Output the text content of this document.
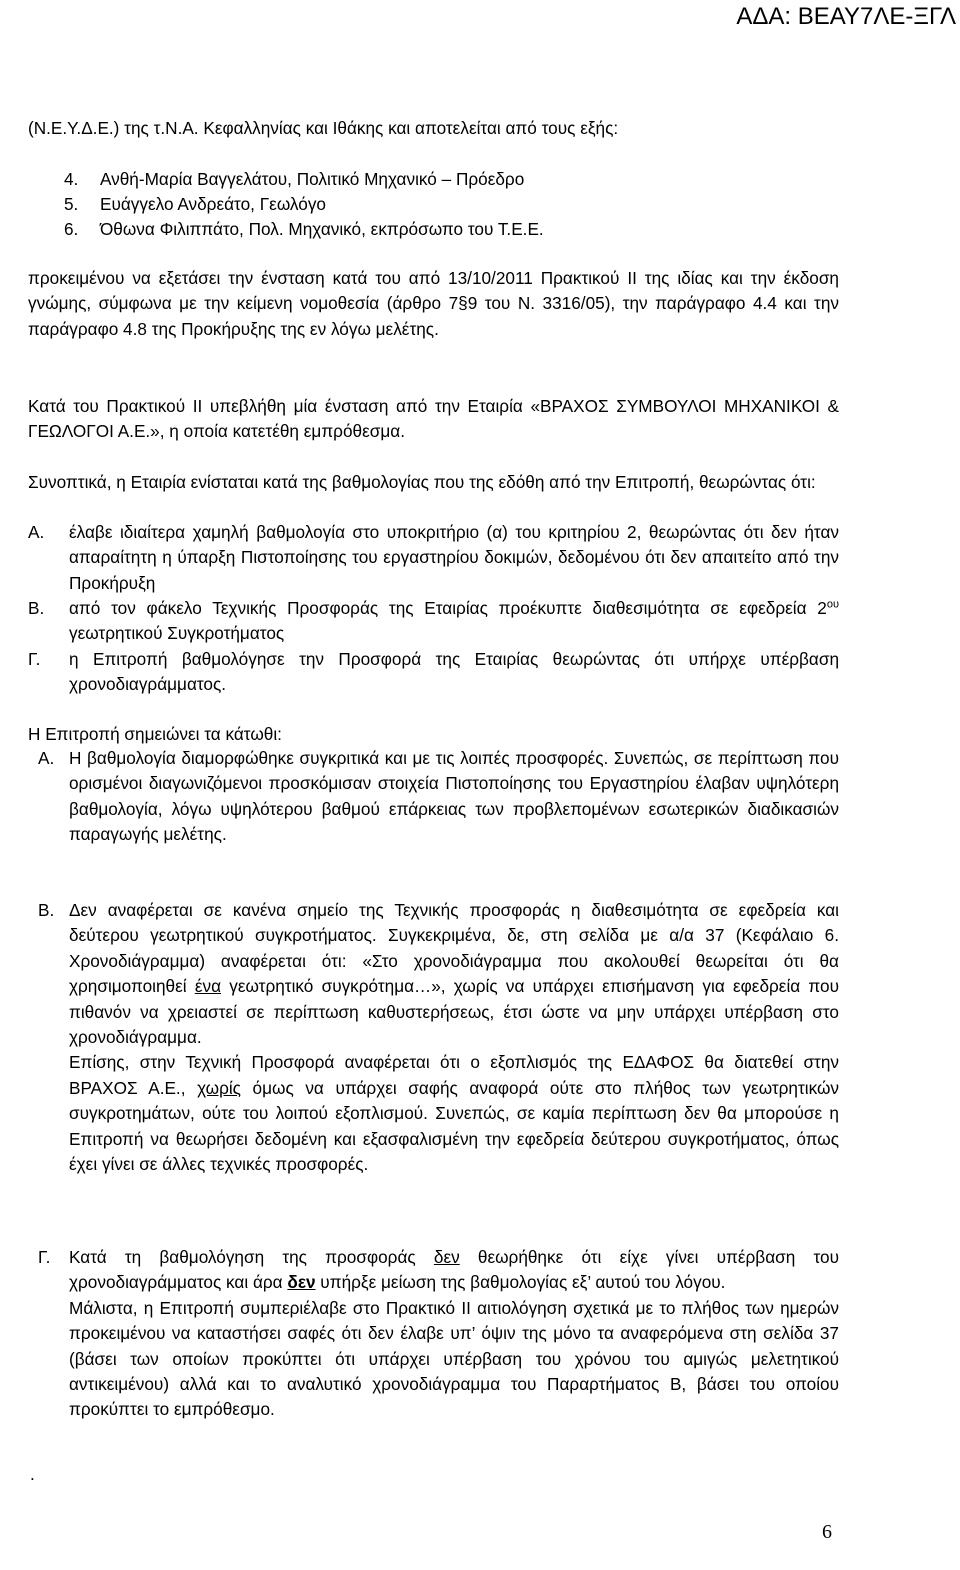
ΑΔΑ: ΒΕΑΥ7ΛΕ-ΞΓΛ

(Ν.Ε.Υ.Δ.Ε.) της τ.Ν.Α. Κεφαλληνίας και Ιθάκης και αποτελείται από τους εξής:

4. Ανθή-Μαρία Βαγγελάτου, Πολιτικό Μηχανικό – Πρόεδρο

5. Ευάγγελο Ανδρεάτο, Γεωλόγο

6. Όθωνα Φιλιππάτο, Πολ. Μηχανικό, εκπρόσωπο του Τ.Ε.Ε.

προκειμένου να εξετάσει την ένσταση κατά του από 13/10/2011 Πρακτικού ΙΙ της ιδίας και την έκδοση γνώμης, σύμφωνα με την κείμενη νομοθεσία (άρθρο 7§9 του Ν. 3316/05), την παράγραφο 4.4 και την παράγραφο 4.8 της Προκήρυξης της εν λόγω μελέτης.

Κατά του Πρακτικού ΙΙ υπεβλήθη μία ένσταση από την Εταιρία «ΒΡΑΧΟΣ ΣΥΜΒΟΥΛΟΙ ΜΗΧΑΝΙΚΟΙ & ΓΕΩΛΟΓΟΙ Α.Ε.», η οποία κατετέθη εμπρόθεσμα.

Συνοπτικά, η Εταιρία ενίσταται κατά της βαθμολογίας που της εδόθη από την Επιτροπή, θεωρώντας ότι:

Α. έλαβε ιδιαίτερα χαμηλή βαθμολογία στο υποκριτήριο (α) του κριτηρίου 2, θεωρώντας ότι δεν ήταν απαραίτητη η ύπαρξη Πιστοποίησης του εργαστηρίου δοκιμών, δεδομένου ότι δεν απαιτείτο από την Προκήρυξη
Β. από τον φάκελο Τεχνικής Προσφοράς της Εταιρίας προέκυπτε διαθεσιμότητα σε εφεδρεία $2^{o\upsilon}$ γεωτρητικού Συγκροτήματος
Γ. η Επιτροπή βαθμολόγησε την Προσφορά της Εταιρίας θεωρώντας ότι υπήρχε υπέρβαση χρονοδιαγράμματος.

Η Επιτροπή σημειώνει τα κάτωθι:

Α. Η βαθμολογία διαμορφώθηκε συγκριτικά και με τις λοιπές προσφορές. Συνεπώς, σε περίπτωση που ορισμένοι διαγωνιζόμενοι προσκόμισαν στοιχεία Πιστοποίησης του Εργαστηρίου έλαβαν υψηλότερη βαθμολογία, λόγω υψηλότερου βαθμού επάρκειας των προβλεπομένων εσωτερικών διαδικασιών παραγωγής μελέτης.
Β. Δεν αναφέρεται σε κανένα σημείο της Τεχνικής προσφοράς η διαθεσιμότητα σε εφεδρεία και δεύτερου γεωτρητικού συγκροτήματος. Συγκεκριμένα, δε, στη σελίδα με α/α 37 (Κεφάλαιο 6. Χρονοδιάγραμμα) αναφέρεται ότι: «Στο χρονοδιάγραμμα που ακολουθεί θεωρείται ότι θα χρησιμοποιηθεί ένα γεωτρητικό συγκρότημα…», χωρίς να υπάρχει επισήμανση για εφεδρεία που πιθανόν να χρειαστεί σε περίπτωση καθυστερήσεως, έτσι ώστε να μην υπάρχει υπέρβαση στο χρονοδιάγραμμα.
Επίσης, στην Τεχνική Προσφορά αναφέρεται ότι ο εξοπλισμός της ΕΔΑΦΟΣ θα διατεθεί στην ΒΡΑΧΟΣ Α.Ε., χωρίς όμως να υπάρχει σαφής αναφορά ούτε στο πλήθος των γεωτρητικών συγκροτημάτων, ούτε του λοιπού εξοπλισμού. Συνεπώς, σε καμία περίπτωση δεν θα μπορούσε η Επιτροπή να θεωρήσει δεδομένη και εξασφαλισμένη την εφεδρεία δεύτερου συγκροτήματος, όπως έχει γίνει σε άλλες τεχνικές προσφορές.
Γ. Κατά τη βαθμολόγηση της προσφοράς δεν θεωρήθηκε ότι είχε γίνει υπέρβαση του χρονοδιαγράμματος και άρα δεν υπήρξε μείωση της βαθμολογίας εξ’ αυτού του λόγου.
Μάλιστα, η Επιτροπή συμπεριέλαβε στο Πρακτικό ΙΙ αιτιολόγηση σχετικά με το πλήθος των ημερών προκειμένου να καταστήσει σαφές ότι δεν έλαβε υπ’ όψιν της μόνο τα αναφερόμενα στη σελίδα 37 (βάσει των οποίων προκύπτει ότι υπάρχει υπέρβαση του χρόνου του αμιγώς μελετητικού αντικειμένου) αλλά και το αναλυτικό χρονοδιάγραμμα του Παραρτήματος Β, βάσει του οποίου προκύπτει το εμπρόθεσμο.
.
6
